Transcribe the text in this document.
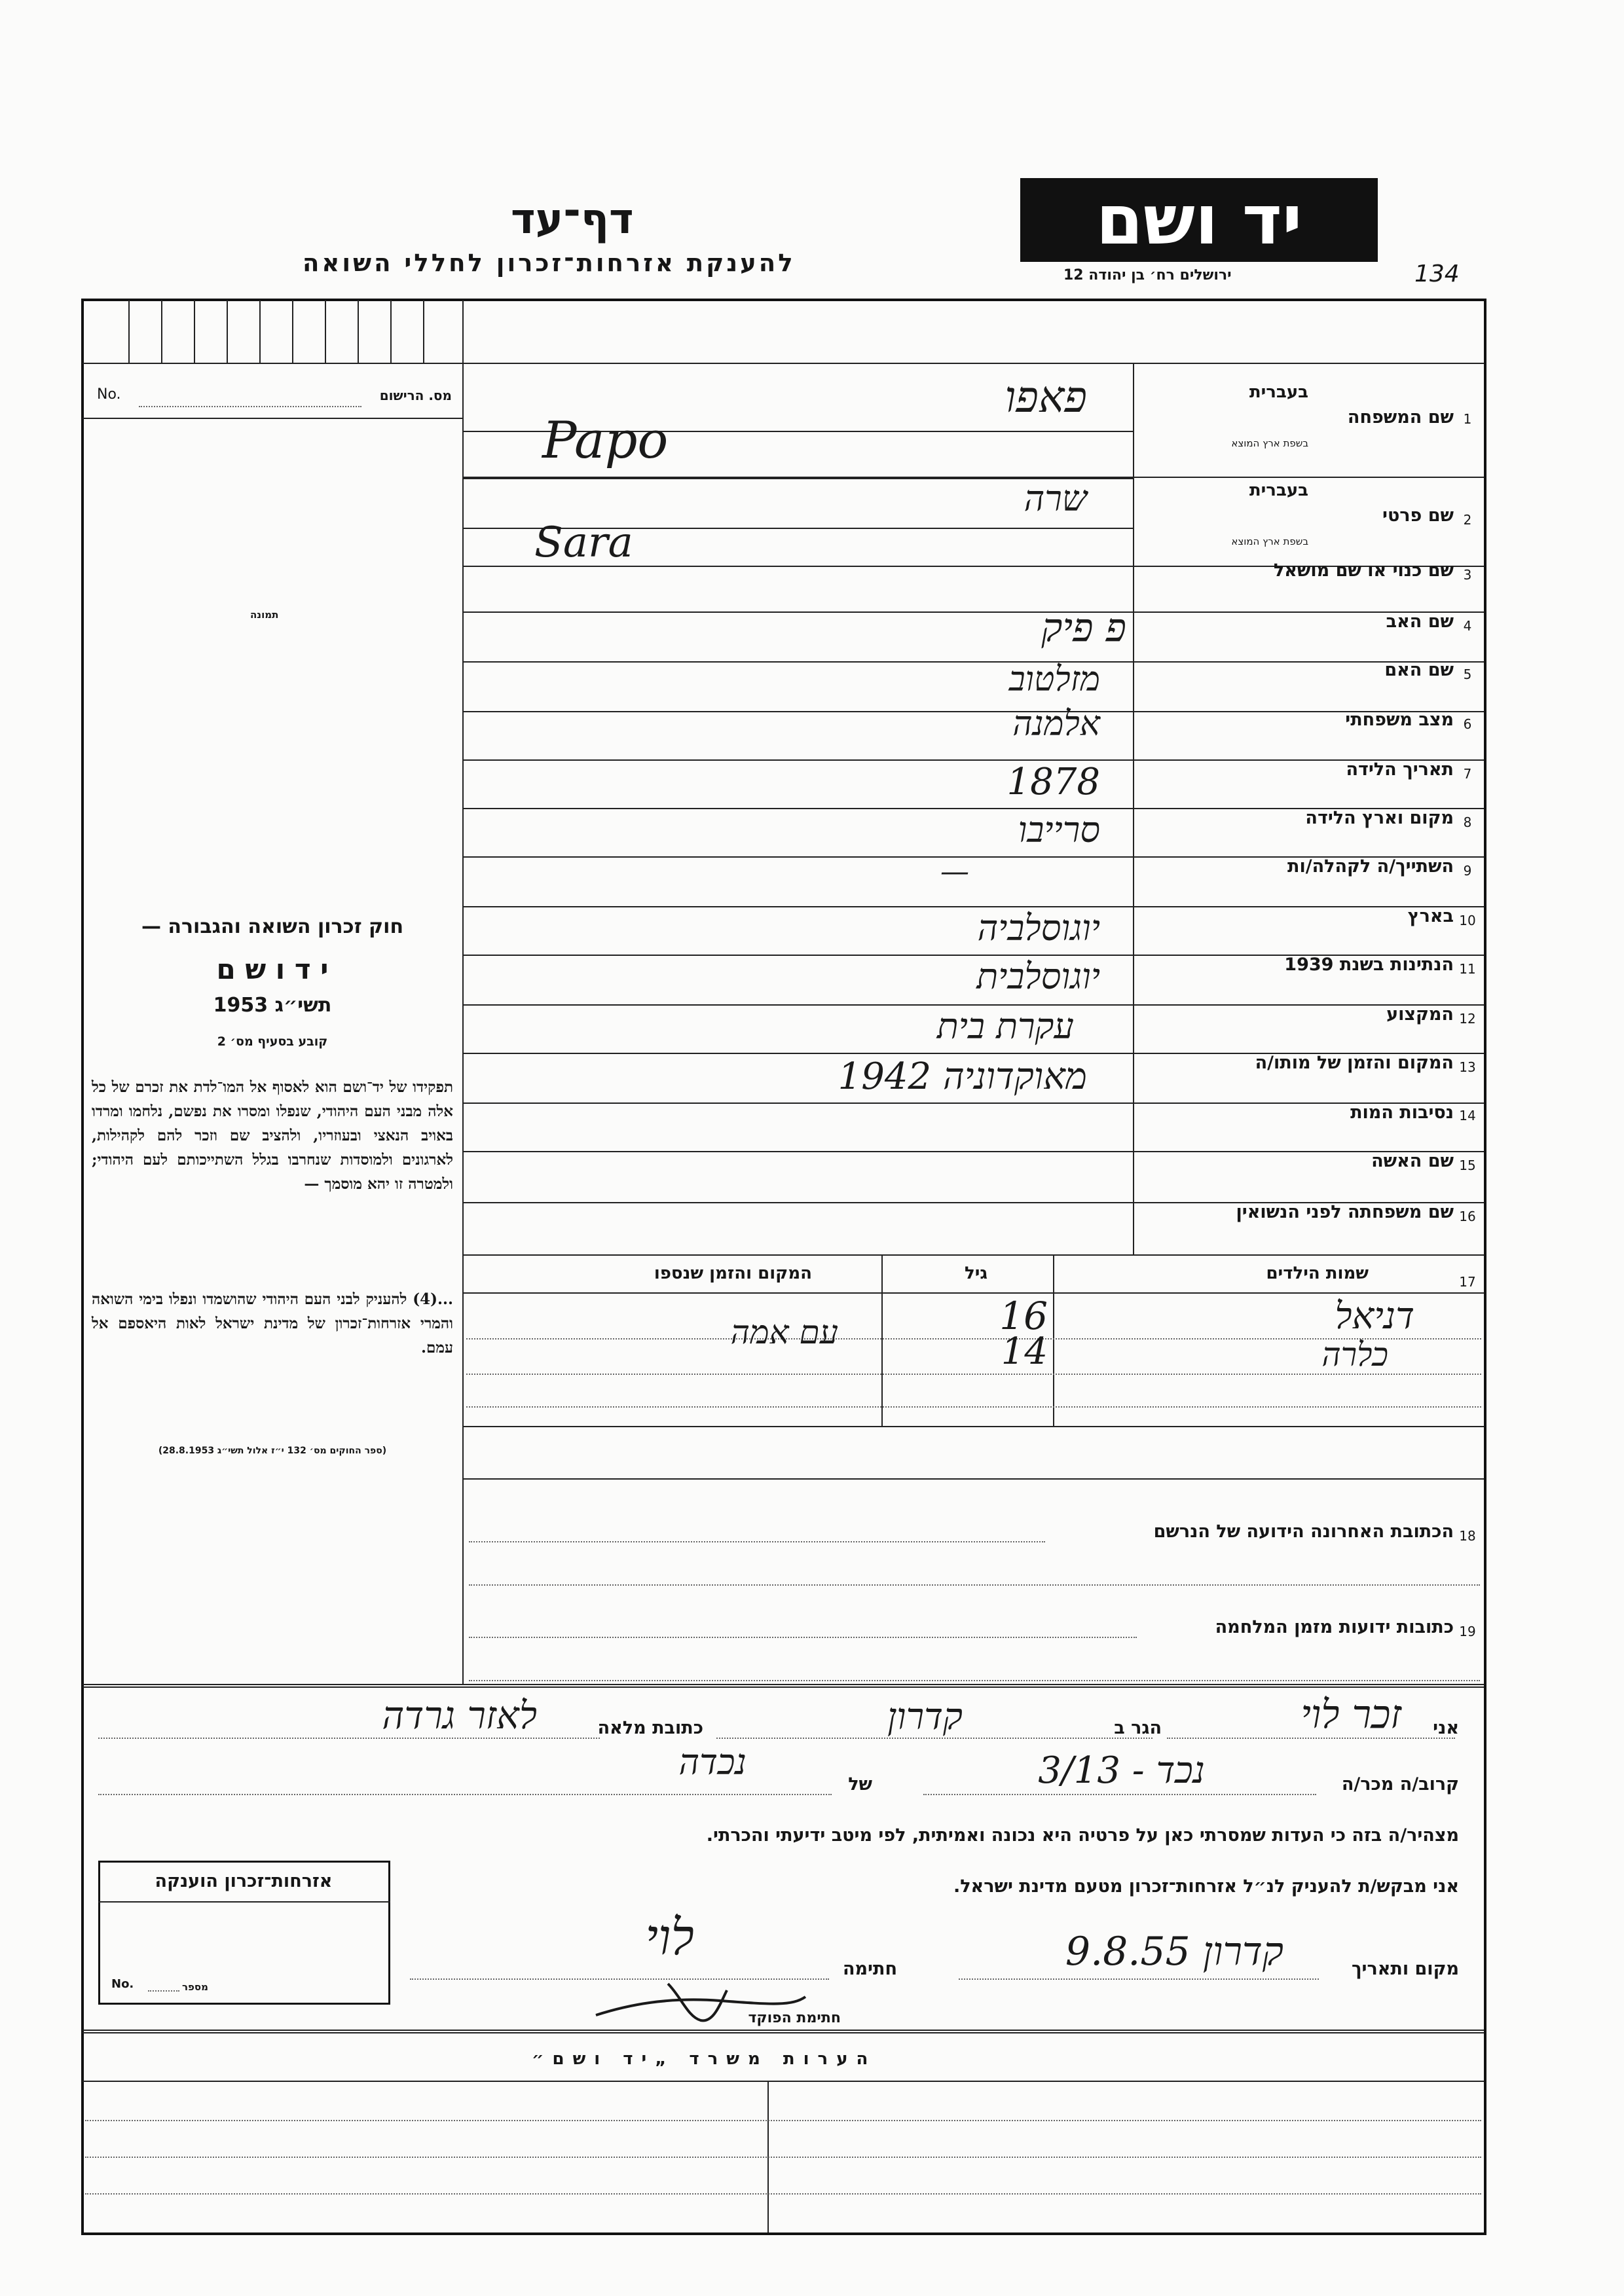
דף־עד
להענקת אזרחות־זכרון לחללי השואה
יד ושם
ירושלים רח׳ בן יהודה 12	134
מס. הרישום
No.
תמונה
1
שם המשפחה
בעברית
בשפת ארץ המוצא
פאפו
Papo
2
שם פרטי
בעברית
בשפת ארץ המוצא
שרה
Sara
3
שם כנוי או שם מושאל
4
שם האב
פ פיק
5
שם האם
מזלטוב
6
מצב משפחתי
אלמנה
7
תאריך הלידה
1878
8
מקום וארץ הלידה
סרייבו
9
השתייך/ה לקהלה/ות
—
10
בארץ
יוגוסלביה
11
הנתינות בשנת 1939
יוגוסלבית
12
המקצוע
עקרת בית
13
המקום והזמן של מותו/ה
מאוקדוניה 1942
14
נסיבות המות
15
שם האשה
16
שם משפחתה לפני הנשואין
17
שמות הילדים
גיל
המקום והזמן שנספו
דניאל
16
עם אמה
כלרה
14
18
הכתובת האחרונה הידועה של הנרשם
19
כתובות ידועות מזמן המלחמה
חוק זכרון השואה והגבורה —
י ד ו ש ם
תשי״ג 1953
קובע בסעיף מס׳ 2
תפקידו של יד־ושם הוא לאסוף אל המו־לדת את זכרם של כל אלה מבני העם היהודי, שנפלו ומסרו את נפשם, נלחמו ומרדו באויב הנאצי ובעוזריו, ולהציב שם וזכר להם לקהילות, לארגונים ולמוסדות שנחרבו בגלל השתייכותם לעם היהודי; ולמטרה זו יהא מוסמך —
...(4) להעניק לבני העם היהודי שהושמדו ונפלו בימי השואה והמרי אזרחות־זכרון של מדינת ישראל לאות היאספם אל עמם.
(ספר החוקים מס׳ 132 י״ז אלול תשי״ג 28.8.1953)
אני
זכר לוי
הגר ב
קדרון
כתובת מלאה
לאזר גרדה
קרוב/ה מכר/ה
נכד - 3/13
של
נכדה
מצהיר/ה בזה כי העדות שמסרתי כאן על פרטיה היא נכונה ואמיתית, לפי מיטב ידיעתי והכרתי.
אני מבקש/ת להעניק לנ״ל אזרחות־זכרון מטעם מדינת ישראל.
מקום ותאריך
קדרון 9.8.55
חתימה
לוי
חתימת הפוקד
אזרחות־זכרון הוענקה
מספר
No.
הערות משרד „יד ושם״
